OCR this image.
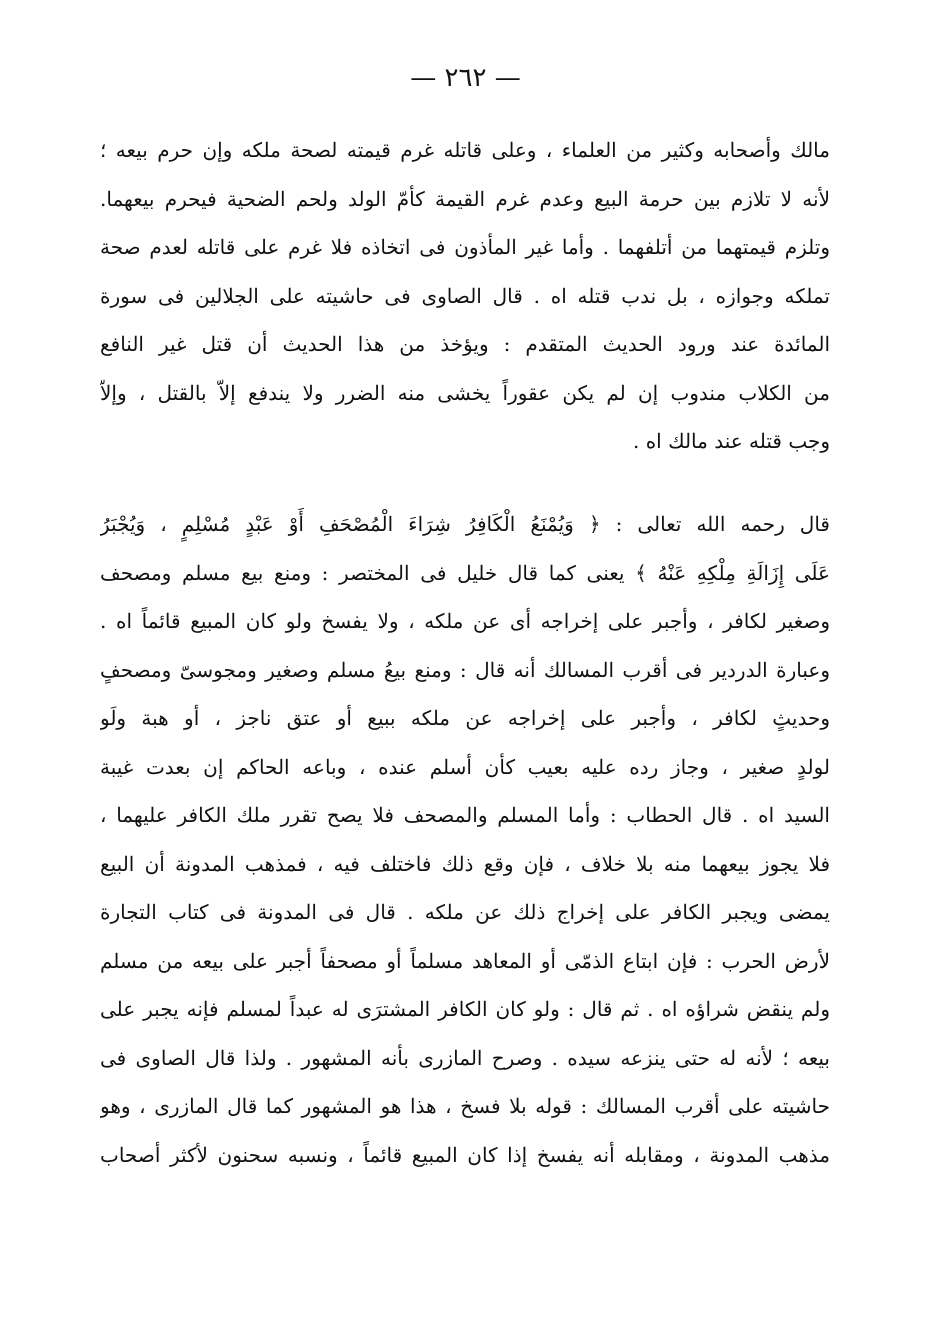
— ٢٦٢ —
مالك وأصحابه وكثير من العلماء ، وعلى قاتله غرم قيمته لصحة ملكه وإن حرم بيعه ؛
لأنه لا تلازم بين حرمة البيع وعدم غرم القيمة كأمّ الولد ولحم الضحية فيحرم بيعهما.
وتلزم قيمتهما من أتلفهما . وأما غير المأذون فى اتخاذه فلا غرم على قاتله لعدم صحة
تملكه وجوازه ، بل ندب قتله اه . قال الصاوى فى حاشيته على الجلالين فى سورة
المائدة عند ورود الحديث المتقدم : ويؤخذ من هذا الحديث أن قتل غير النافع
من الكلاب مندوب إن لم يكن عقوراً يخشى منه الضرر ولا يندفع إلاّ بالقتل ، وإلاّ
وجب قتله عند مالك اه .
قال رحمه الله تعالى : ﴿ وَيُمْنَعُ الْكَافِرُ شِرَاءَ الْمُصْحَفِ أَوْ عَبْدٍ مُسْلِمٍ ، وَيُجْبَرُ
عَلَى إِزَالَةِ مِلْكِهِ عَنْهُ ﴾ يعنى كما قال خليل فى المختصر : ومنع بيع مسلم ومصحف
وصغير لكافر ، وأجبر على إخراجه أى عن ملكه ، ولا يفسخ ولو كان المبيع قائماً اه .
وعبارة الدردير فى أقرب المسالك أنه قال : ومنع بيعُ مسلم وصغير ومجوسىّ ومصحفٍ
وحديثٍ لكافر ، وأجبر على إخراجه عن ملكه ببيع أو عتق ناجز ، أو هبة ولَو
لولدٍ صغير ، وجاز رده عليه بعيب كأن أسلم عنده ، وباعه الحاكم إن بعدت غيبة
السيد اه . قال الحطاب : وأما المسلم والمصحف فلا يصح تقرر ملك الكافر عليهما ،
فلا يجوز بيعهما منه بلا خلاف ، فإن وقع ذلك فاختلف فيه ، فمذهب المدونة أن البيع
يمضى ويجبر الكافر على إخراج ذلك عن ملكه . قال فى المدونة فى كتاب التجارة
لأرض الحرب : فإن ابتاع الذمّى أو المعاهد مسلماً أو مصحفاً أجبر على بيعه من مسلم
ولم ينقض شراؤه اه . ثم قال : ولو كان الكافر المشترَى له عبداً لمسلم فإنه يجبر على
بيعه ؛ لأنه له حتى ينزعه سيده . وصرح المازرى بأنه المشهور . ولذا قال الصاوى فى
حاشيته على أقرب المسالك : قوله بلا فسخ ، هذا هو المشهور كما قال المازرى ، وهو
مذهب المدونة ، ومقابله أنه يفسخ إذا كان المبيع قائماً ، ونسبه سحنون لأكثر أصحاب
